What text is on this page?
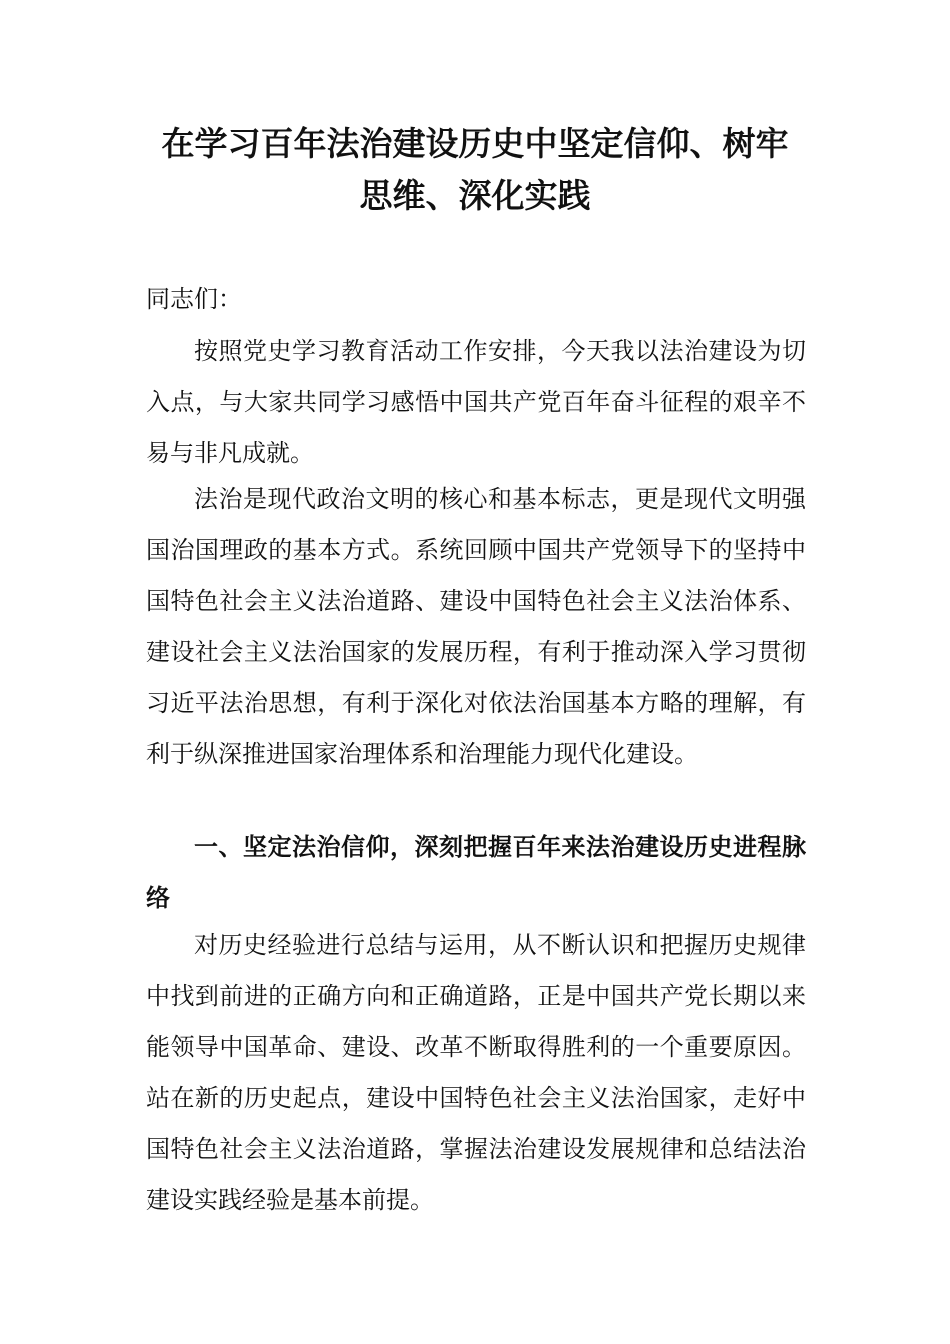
在学习百年法治建设历史中坚定信仰、树牢
思维、深化实践

同志们：

按照党史学习教育活动工作安排，今天我以法治建设为切入点，与大家共同学习感悟中国共产党百年奋斗征程的艰辛不易与非凡成就。

法治是现代政治文明的核心和基本标志，更是现代文明强国治国理政的基本方式。系统回顾中国共产党领导下的坚持中国特色社会主义法治道路、建设中国特色社会主义法治体系、建设社会主义法治国家的发展历程，有利于推动深入学习贯彻习近平法治思想，有利于深化对依法治国基本方略的理解，有利于纵深推进国家治理体系和治理能力现代化建设。

一、坚定法治信仰，深刻把握百年来法治建设历史进程脉络

对历史经验进行总结与运用，从不断认识和把握历史规律中找到前进的正确方向和正确道路，正是中国共产党长期以来能领导中国革命、建设、改革不断取得胜利的一个重要原因。站在新的历史起点，建设中国特色社会主义法治国家，走好中国特色社会主义法治道路，掌握法治建设发展规律和总结法治建设实践经验是基本前提。
